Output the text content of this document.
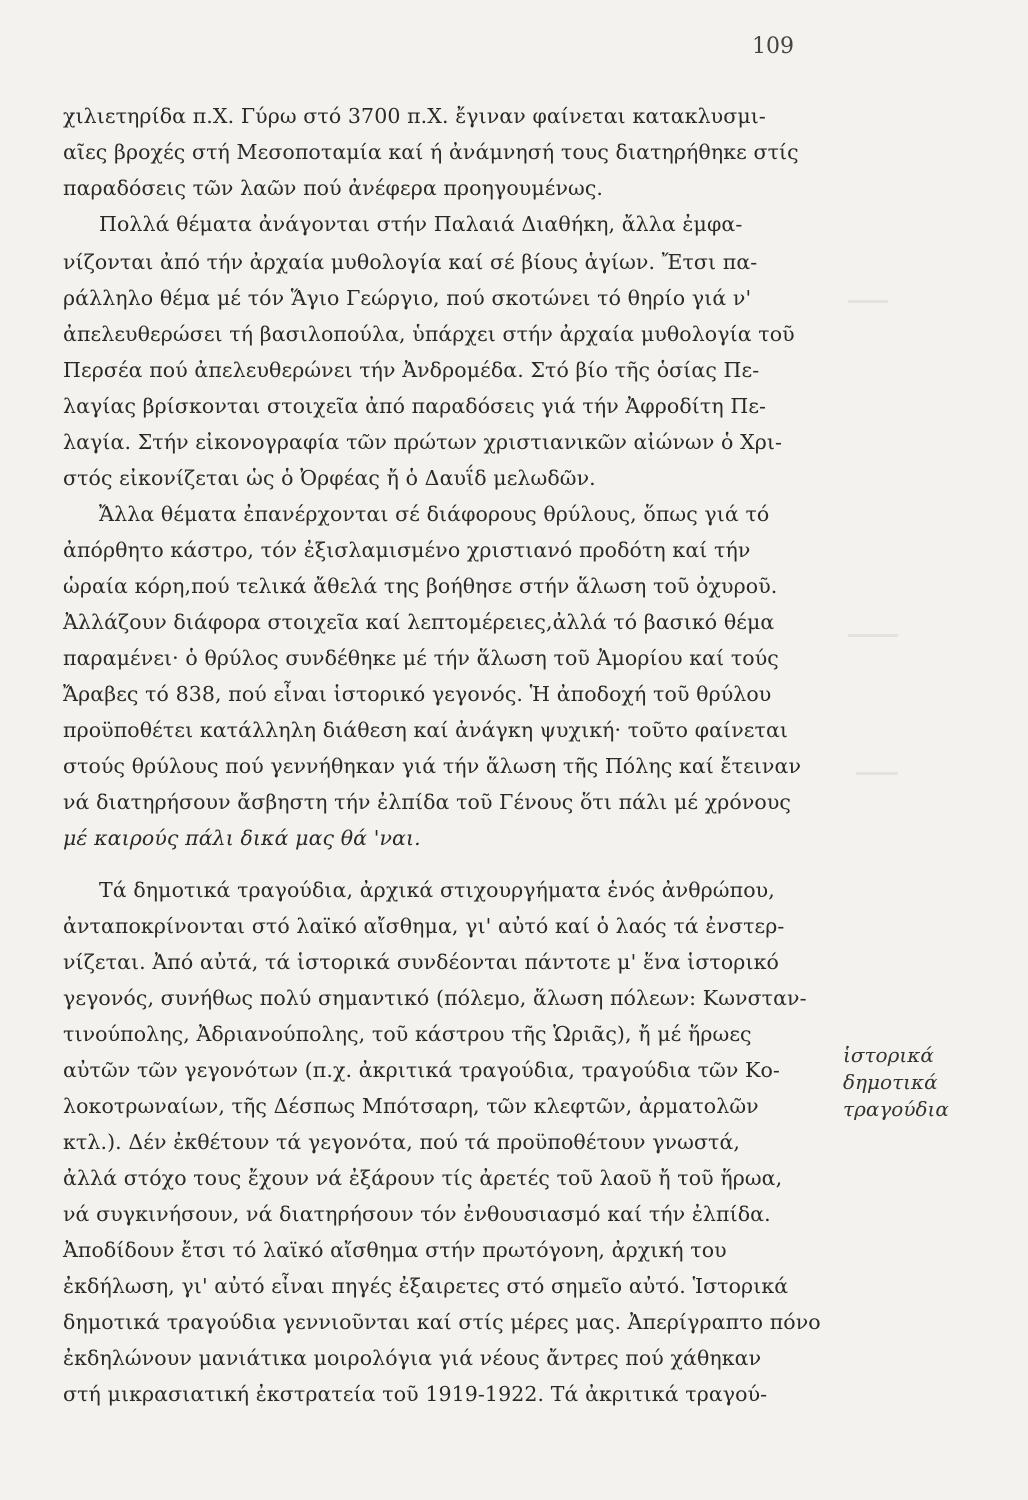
109
χιλιετηρίδα π.Χ. Γύρω στό 3700 π.Χ. ἔγιναν φαίνεται κατακλυσμι-
αῖες βροχές στή Μεσοποταμία καί ή ἀνάμνησή τους διατηρήθηκε στίς
παραδόσεις τῶν λαῶν πού ἀνέφερα προηγουμένως.
Πολλά θέματα ἀνάγονται στήν Παλαιά Διαθήκη, ἄλλα ἐμφα-
νίζονται ἀπό τήν ἀρχαία μυθολογία καί σέ βίους ἁγίων. Ἔτσι πα-
ράλληλο θέμα μέ τόν Ἅγιο Γεώργιο, πού σκοτώνει τό θηρίο γιά ν'
ἀπελευθερώσει τή βασιλοπούλα, ὑπάρχει στήν ἀρχαία μυθολογία τοῦ
Περσέα πού ἀπελευθερώνει τήν Ἀνδρομέδα. Στό βίο τῆς ὁσίας Πε-
λαγίας βρίσκονται στοιχεῖα ἀπό παραδόσεις γιά τήν Ἀφροδίτη Πε-
λαγία. Στήν εἰκονογραφία τῶν πρώτων χριστιανικῶν αἰώνων ὁ Χρι-
στός εἰκονίζεται ὡς ὁ Ὀρφέας ἤ ὁ Δαυΐδ μελωδῶν.
Ἄλλα θέματα ἐπανέρχονται σέ διάφορους θρύλους, ὅπως γιά τό
ἀπόρθητο κάστρο, τόν ἐξισλαμισμένο χριστιανό προδότη καί τήν
ὡραία κόρη,πού τελικά ἄθελά της βοήθησε στήν ἅλωση τοῦ ὀχυροῦ.
Ἀλλάζουν διάφορα στοιχεῖα καί λεπτομέρειες,ἀλλά τό βασικό θέμα
παραμένει· ὁ θρύλος συνδέθηκε μέ τήν ἅλωση τοῦ Ἀμορίου καί τούς
Ἄραβες τό 838, πού εἶναι ἱστορικό γεγονός. Ἡ ἀποδοχή τοῦ θρύλου
προϋποθέτει κατάλληλη διάθεση καί ἀνάγκη ψυχική· τοῦτο φαίνεται
στούς θρύλους πού γεννήθηκαν γιά τήν ἅλωση τῆς Πόλης καί ἔτειναν
νά διατηρήσουν ἄσβηστη τήν ἐλπίδα τοῦ Γένους ὅτι πάλι μέ χρόνους
μέ καιρούς πάλι δικά μας θά 'ναι.
Τά δημοτικά τραγούδια, ἀρχικά στιχουργήματα ἑνός ἀνθρώπου,
ἀνταποκρίνονται στό λαϊκό αἴσθημα, γι' αὐτό καί ὁ λαός τά ἐνστερ-
νίζεται. Ἀπό αὐτά, τά ἱστορικά συνδέονται πάντοτε μ' ἕνα ἱστορικό
γεγονός, συνήθως πολύ σημαντικό (πόλεμο, ἅλωση πόλεων: Κωνσταν-
τινούπολης, Ἀδριανούπολης, τοῦ κάστρου τῆς Ὡριᾶς), ἤ μέ ἥρωες
αὐτῶν τῶν γεγονότων (π.χ. ἀκριτικά τραγούδια, τραγούδια τῶν Κο-
λοκοτρωναίων, τῆς Δέσπως Μπότσαρη, τῶν κλεφτῶν, ἀρματολῶν
κτλ.). Δέν ἐκθέτουν τά γεγονότα, πού τά προϋποθέτουν γνωστά,
ἀλλά στόχο τους ἔχουν νά ἐξάρουν τίς ἀρετές τοῦ λαοῦ ἤ τοῦ ἥρωα,
νά συγκινήσουν, νά διατηρήσουν τόν ἐνθουσιασμό καί τήν ἐλπίδα.
Ἀποδίδουν ἔτσι τό λαϊκό αἴσθημα στήν πρωτόγονη, ἀρχική του
ἐκδήλωση, γι' αὐτό εἶναι πηγές ἐξαιρετες στό σημεῖο αὐτό. Ἱστορικά
δημοτικά τραγούδια γεννιοῦνται καί στίς μέρες μας. Ἀπερίγραπτο πόνο
ἐκδηλώνουν μανιάτικα μοιρολόγια γιά νέους ἄντρες πού χάθηκαν
στή μικρασιατική ἐκστρατεία τοῦ 1919-1922. Τά ἀκριτικά τραγού-
ἱστορικά
δημοτικά
τραγούδια
